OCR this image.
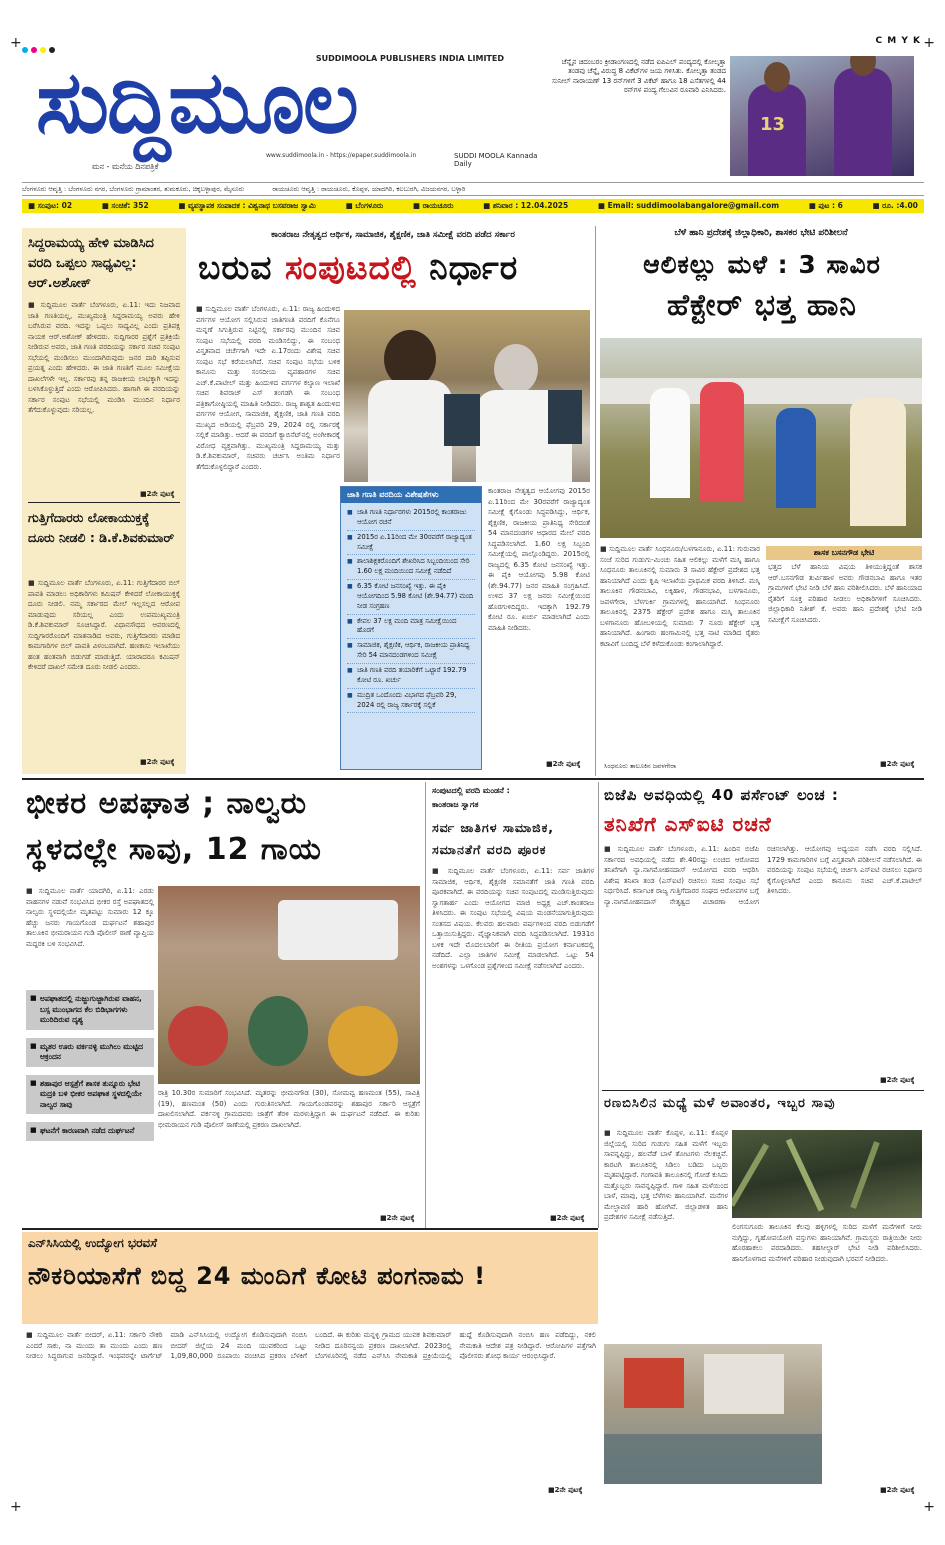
+	+
+	+
C M Y K
ಸುದ್ದಿಮೂಲ
SUDDIMOOLA PUBLISHERS INDIA LIMITED
www.suddimoola.in - https://epaper.suddimoola.in	SUDDI MOOLA Kannada Daily
ಮನ - ಮನೆಯ ದಿನಪತ್ರಿಕೆ
ಚೆನ್ನೈನ ಚಿದಂಬರಂ ಕ್ರೀಡಾಂಗಣದಲ್ಲಿ ನಡೆದ ಐಪಿಎಲ್ ಪಂದ್ಯದಲ್ಲಿ ಕೋಲ್ಕತ್ತಾ ತಂಡವು ಚೆನ್ನೈ ವಿರುದ್ಧ 8 ವಿಕೆಟ್‌ಗಳ ಜಯ ಗಳಿಸಿತು. ಕೋಲ್ಕತ್ತಾ ತಂಡದ ಸುನೀಲ್ ನಾರಾಯಣ್ 13 ರನ್‌ಗಳಿಗೆ 3 ವಿಕೆಟ್ ಹಾಗೂ 18 ಎಸೆತಗಳಲ್ಲಿ 44 ರನ್‌ಗಳ ಪಂದ್ಯ ಗೆಲುವಿನ ರೂವಾರಿ ಎನಿಸಿದರು.
13
ಬೆಂಗಳೂರು ಆವೃತ್ತಿ : ಬೆಂಗಳೂರು ನಗರ, ಬೆಂಗಳೂರು ಗ್ರಾಮಾಂತರ, ತುಮಕೂರು, ಚಿಕ್ಕಬಳ್ಳಾಪುರ, ಮೈಸೂರು	ರಾಯಚೂರು ಆವೃತ್ತಿ : ರಾಯಚೂರು, ಕೊಪ್ಪಳ, ಯಾದಗಿರಿ, ಕಲಬುರಗಿ, ವಿಜಯನಗರ, ಬಳ್ಳಾರಿ
■ ಸಂಪುಟ: 02	■ ಸಂಚಿಕೆ: 352	■ ವ್ಯವಸ್ಥಾಪಕ ಸಂಪಾದಕ : ವಿಶ್ವನಾಥ ಬಸವರಾಜ ಸ್ವಾಮಿ	■ ಬೆಂಗಳೂರು	■ ರಾಯಚೂರು	■ ಶನಿವಾರ : 12.04.2025	■ Email: suddimoolabangalore@gmail.com	■ ಪುಟ : 6	■ ರೂ. :4.00
ಸಿದ್ದರಾಮಯ್ಯ ಹೇಳಿ ಮಾಡಿಸಿದ ವರದಿ ಒಪ್ಪಲು ಸಾಧ್ಯವಿಲ್ಲ: ಆರ್.ಅಶೋಕ್
■ ಸುದ್ದಿಮೂಲ ವಾರ್ತೆ ಬೆಂಗಳೂರು, ಏ.11: ಇದು ನಿಜವಾದ ಜಾತಿ ಗಣತಿಯಲ್ಲ, ಮುಖ್ಯಮಂತ್ರಿ ಸಿದ್ದರಾಮಯ್ಯ ಅವರು ಹೇಳಿ ಬರೆಸಿರುವ ವರದಿ. ಇದನ್ನು ಒಪ್ಪಲು ಸಾಧ್ಯವಿಲ್ಲ ಎಂದು ಪ್ರತಿಪಕ್ಷ ನಾಯಕ ಆರ್.ಅಶೋಕ್ ಹೇಳಿದರು. ಸುದ್ದಿಗಾರರ ಪ್ರಶ್ನೆಗೆ ಪ್ರತಿಕ್ರಿಯೆ ನೀಡಿರುವ ಅವರು, ಜಾತಿ ಗಣತಿ ವರದಿಯನ್ನು ಸರ್ಕಾರ ಸಚಿವ ಸಂಪುಟ ಸಭೆಯಲ್ಲಿ ಮಂಡಿಸಲು ಮುಂದಾಗಿರುವುದು ಜನರ ದಾರಿ ತಪ್ಪಿಸುವ ಪ್ರಯತ್ನ ಎಂದು ಹೇಳಿದರು. ಈ ಜಾತಿ ಗಣತಿಗೆ ಮೂಲ ಸಮೀಕ್ಷೆಯ ದಾಖಲೆಗಳೇ ಇಲ್ಲ. ಸರ್ಕಾರವು ತನ್ನ ರಾಜಕೀಯ ಲಾಭಕ್ಕಾಗಿ ಇದನ್ನು ಬಳಸಿಕೊಳ್ಳುತ್ತಿದೆ ಎಂದು ಆರೋಪಿಸಿದರು. ಹಾಗಾಗಿ ಈ ವರದಿಯನ್ನು ಸರ್ಕಾರ ಸಂಪುಟ ಸಭೆಯಲ್ಲಿ ಮಂಡಿಸಿ ಮುಂದಿನ ನಿರ್ಧಾರ ತೆಗೆದುಕೊಳ್ಳುವುದು ಸರಿಯಲ್ಲ.
■2ನೇ ಪುಟಕ್ಕೆ
ಗುತ್ತಿಗೆದಾರರು ಲೋಕಾಯುಕ್ತಕ್ಕೆ ದೂರು ನೀಡಲಿ : ಡಿ.ಕೆ.ಶಿವಕುಮಾರ್
■ ಸುದ್ದಿಮೂಲ ವಾರ್ತೆ ಬೆಂಗಳೂರು, ಏ.11: ಗುತ್ತಿಗೆದಾರರ ಬಿಲ್ ಪಾವತಿ ಮಾಡಲು ಅಧಿಕಾರಿಗಳು ಕಮಿಷನ್ ಕೇಳಿದರೆ ಲೋಕಾಯುಕ್ತಕ್ಕೆ ದೂರು ನೀಡಲಿ. ನಮ್ಮ ಸರ್ಕಾರದ ಮೇಲೆ ಇಲ್ಲಸಲ್ಲದ ಆರೋಪ ಮಾಡುವುದು ಸರಿಯಲ್ಲ ಎಂದು ಉಪಮುಖ್ಯಮಂತ್ರಿ ಡಿ.ಕೆ.ಶಿವಕುಮಾರ್ ಸೂಚಿಸಿದ್ದಾರೆ. ವಿಧಾನಸೌಧದ ಆವರಣದಲ್ಲಿ ಸುದ್ದಿಗಾರರೊಂದಿಗೆ ಮಾತನಾಡಿದ ಅವರು, ಗುತ್ತಿಗೆದಾರರು ಮಾಡಿದ ಕಾಮಗಾರಿಗಳ ಬಿಲ್ ಪಾವತಿ ವಿಳಂಬವಾಗಿದೆ. ಹಣಕಾಸು ಇಲಾಖೆಯು ಹಂತ ಹಂತವಾಗಿ ಬಿಡುಗಡೆ ಮಾಡುತ್ತಿದೆ. ಯಾರಾದರೂ ಕಮಿಷನ್ ಕೇಳಿದರೆ ದಾಖಲೆ ಸಮೇತ ದೂರು ನೀಡಲಿ ಎಂದರು.
■2ನೇ ಪುಟಕ್ಕೆ
ಕಾಂತರಾಜ ನೇತೃತ್ವದ ಆರ್ಥಿಕ, ಸಾಮಾಜಿಕ, ಶೈಕ್ಷಣಿಕ, ಜಾತಿ ಸಮೀಕ್ಷೆ ವರದಿ ಪಡೆದ ಸರ್ಕಾರ
ಬರುವ ಸಂಪುಟದಲ್ಲಿ ನಿರ್ಧಾರ
■ ಸುದ್ದಿಮೂಲ ವಾರ್ತೆ ಬೆಂಗಳೂರು, ಏ.11: ರಾಜ್ಯ ಹಿಂದುಳಿದ ವರ್ಗಗಳ ಆಯೋಗ ಸಲ್ಲಿಸಿರುವ ಜಾತಿಗಣತಿ ವರದಿಗೆ ಕೊನೆಗೂ ಮನ್ನಣೆ ಸಿಗುತ್ತಿರುವ ನಿಟ್ಟಿನಲ್ಲಿ ಸರ್ಕಾರವು ಮುಂದಿನ ಸಚಿವ ಸಂಪುಟ ಸಭೆಯಲ್ಲಿ ವರದಿ ಮಂಡಿಸಲಿದ್ದು, ಈ ಸಂಬಂಧ ವಿಸ್ತೃತವಾದ ಚರ್ಚೆಗಾಗಿ ಇದೇ ಏ.17ರಂದು ವಿಶೇಷ ಸಚಿವ ಸಂಪುಟ ಸಭೆ ಕರೆಯಲಾಗಿದೆ. ಸಚಿವ ಸಂಪುಟ ಸಭೆಯ ಬಳಿಕ ಕಾನೂನು ಮತ್ತು ಸಂಸದೀಯ ವ್ಯವಹಾರಗಳ ಸಚಿವ ಎಚ್.ಕೆ.ಪಾಟೀಲ್ ಮತ್ತು ಹಿಂದುಳಿದ ವರ್ಗಗಳ ಕಲ್ಯಾಣ ಇಲಾಖೆ ಸಚಿವ ಶಿವರಾಜ್ ಎಸ್ ತಂಗಡಗಿ ಈ ಸಂಬಂಧ ಪತ್ರಿಕಾಗೋಷ್ಠಿಯಲ್ಲಿ ಮಾಹಿತಿ ನೀಡಿದರು. ರಾಜ್ಯ ಶಾಶ್ವತ ಹಿಂದುಳಿದ ವರ್ಗಗಳ ಆಯೋಗ, ಸಾಮಾಜಿಕ, ಶೈಕ್ಷಣಿಕ, ಜಾತಿ ಗಣತಿ ವರದಿ ಮುಖ್ಯದ ಅಡಿಯಲ್ಲಿ ಫೆಬ್ರವರಿ 29, 2024 ರಲ್ಲಿ ಸರ್ಕಾರಕ್ಕೆ ಸಲ್ಲಿಕೆ ಮಾಡಿತ್ತು. ಆದರೆ ಈ ವರದಿಗೆ ಕ್ಯಾಬಿನೆಟ್‌ನಲ್ಲಿ ಅಂಗೀಕಾರಕ್ಕೆ ವಿರೋಧ ವ್ಯಕ್ತವಾಗಿತ್ತು. ಮುಖ್ಯಮಂತ್ರಿ ಸಿದ್ದರಾಮಯ್ಯ ಮತ್ತು ಡಿ.ಕೆ.ಶಿವಕುಮಾರ್, ಸಚಿವರು ಚರ್ಚಿಸಿ ಅಂತಿಮ ನಿರ್ಧಾರ ತೆಗೆದುಕೊಳ್ಳಲಿದ್ದಾರೆ ಎಂದರು.
ಜಾತಿ ಗಣತಿ ವರದಿಯ ವಿಶೇಷತೆಗಳು
■ ಜಾತಿ ಗಣತಿ ನಿರ್ಧಾರಗಳು 2015ರಲ್ಲಿ ಕಾಂತರಾಜು ಆಯೋಗ ರಚನೆ
■ 2015ರ ಏ.11ರಿಂದ ಮೇ 30ರವರೆಗೆ ರಾಜ್ಯಾದ್ಯಂತ ಸಮೀಕ್ಷೆ
■ ಶಾಲಾಶಿಕ್ಷಕರೊಂದಿಗೆ ಶೇಖರಿಸಿದ ಸಿಬ್ಬಂದಿಯಿಂದ ಸೇರಿ 1.60 ಲಕ್ಷ ಮಂದಿಯಿಂದ ಸಮೀಕ್ಷೆ ನಡೆದಿದೆ
■ 6.35 ಕೋಟಿ ಜನಸಂಖ್ಯೆ ಇತ್ತು. ಈ ಪೈಕಿ ಆಯೋಗದಿಂದ 5.98 ಕೋಟಿ (ಶೇ.94.77) ಮಂದಿ ನೀಡ ಸಂಗ್ರಹಣ
■ ಕೇವಲ 37 ಲಕ್ಷ ಮಂದಿ ಮಾತ್ರ ಸಮೀಕ್ಷೆಯಿಂದ ಹೊರಗೆ
■ ಸಾಮಾಜಿಕ, ಶೈಕ್ಷಣಿಕ, ಆರ್ಥಿಕ, ರಾಜಕೀಯ ಪ್ರಾತಿನಿಧ್ಯ ಸೇರಿ 54 ಮಾನದಂಡಗಳಿಂದ ಸಮೀಕ್ಷೆ
■ ಜಾತಿ ಗಣತಿ ವರದಿ ತಯಾರಿಕೆಗೆ ಒಟ್ಟಾರೆ 192.79 ಕೋಟಿ ರೂ. ಖರ್ಚು
■ ಮುದ್ರಿತ ಒಂದೊಂದು ವಿಭಾಗದ ಫೆಬ್ರವರಿ 29, 2024 ರಲ್ಲಿ ರಾಜ್ಯ ಸರ್ಕಾರಕ್ಕೆ ಸಲ್ಲಿಕೆ
ಕಾಂತರಾಜ ನೇತೃತ್ವದ ಆಯೋಗವು 2015ರ ಏ.11ರಿಂದ ಮೇ 30ರವರೆಗೆ ರಾಜ್ಯಾದ್ಯಂತ ಸಮೀಕ್ಷೆ ಕೈಗೊಂಡು ಸಿದ್ಧಪಡಿಸಿದ್ದು, ಆರ್ಥಿಕ, ಶೈಕ್ಷಣಿಕ, ರಾಜಕೀಯ ಪ್ರಾತಿನಿಧ್ಯ ಸೇರಿದಂತೆ 54 ಮಾನದಂಡಗಳ ಆಧಾರದ ಮೇಲೆ ವರದಿ ಸಿದ್ಧಪಡಿಸಲಾಗಿದೆ. 1.60 ಲಕ್ಷ ಸಿಬ್ಬಂದಿ ಸಮೀಕ್ಷೆಯಲ್ಲಿ ಪಾಲ್ಗೊಂಡಿದ್ದರು. 2015ರಲ್ಲಿ ರಾಜ್ಯದಲ್ಲಿ 6.35 ಕೋಟಿ ಜನಸಂಖ್ಯೆ ಇತ್ತು. ಈ ಪೈಕಿ ಆಯೋಗವು 5.98 ಕೋಟಿ (ಶೇ.94.77) ಜನರ ಮಾಹಿತಿ ಸಂಗ್ರಹಿಸಿದೆ. ಉಳಿದ 37 ಲಕ್ಷ ಜನರು ಸಮೀಕ್ಷೆಯಿಂದ ಹೊರಗುಳಿದಿದ್ದರು. ಇದಕ್ಕಾಗಿ 192.79 ಕೋಟಿ ರೂ. ಖರ್ಚು ಮಾಡಲಾಗಿದೆ ಎಂದು ಮಾಹಿತಿ ನೀಡಿದರು.
■2ನೇ ಪುಟಕ್ಕೆ
ಬೆಳೆ ಹಾನಿ ಪ್ರದೇಶಕ್ಕೆ ಜಿಲ್ಲಾಧಿಕಾರಿ, ಶಾಸಕರ ಭೇಟಿ ಪರಿಶೀಲನೆ
ಆಲಿಕಲ್ಲು ಮಳೆ : 3 ಸಾವಿರ
ಹೆಕ್ಟೇರ್ ಭತ್ತ ಹಾನಿ
■ ಸುದ್ದಿಮೂಲ ವಾರ್ತೆ ಸಿಂಧನೂರು/ಬಳಗಾನೂರು, ಏ.11: ಗುರುವಾರ ಸಂಜೆ ಸುರಿದ ಗುಡುಗು-ಮಿಂಚು ಸಹಿತ ಆಲಿಕಲ್ಲು ಮಳೆಗೆ ಮಸ್ಕಿ ಹಾಗೂ ಸಿಂಧನೂರು ತಾಲೂಕಿನಲ್ಲಿ ಸುಮಾರು 3 ಸಾವಿರ ಹೆಕ್ಟೇರ್ ಪ್ರದೇಶದ ಭತ್ತ ಹಾನಿಯಾಗಿದೆ ಎಂದು ಕೃಷಿ ಇಲಾಖೆಯ ಪ್ರಾಥಮಿಕ ವರದಿ ತಿಳಿಸಿದೆ. ಮಸ್ಕಿ ತಾಲೂಕಿನ ಗೌಡನಬಾವಿ, ಲಕ್ಕಿಹಾಳ, ಗೌಡನಭಾವಿ, ಬಳಗಾನೂರು, ಜವಳಗೇರಾ, ಬೆಳಗುರ್ಕಿ ಗ್ರಾಮಗಳಲ್ಲಿ ಹಾನಿಯಾಗಿದೆ. ಸಿಂಧನೂರು ತಾಲೂಕಿನಲ್ಲಿ 2375 ಹೆಕ್ಟೇರ್ ಪ್ರದೇಶ ಹಾಗೂ ಮಸ್ಕಿ ತಾಲೂಕಿನ ಬಳಗಾನೂರು ಹೋಬಳಿಯಲ್ಲಿ ಸುಮಾರು 7 ನೂರು ಹೆಕ್ಟೇರ್ ಭತ್ತ ಹಾನಿಯಾಗಿದೆ. ಹಿಂಗಾರು ಹಂಗಾಮಿನಲ್ಲಿ ಭತ್ತ ನಾಟಿ ಮಾಡಿದ ರೈತರು ಕಟಾವಿಗೆ ಬಂದಿದ್ದ ಬೆಳೆ ಕಳೆದುಕೊಂಡು ಕಂಗಾಲಾಗಿದ್ದಾರೆ.
ಸಿಂಧನೂರು ತಾಲೂಕಿನ ಜವಳಗೇರಾ
ಶಾಸಕ ಬಸನಗೌಡ ಭೇಟಿ
ಭತ್ತದ ಬೆಳೆ ಹಾನಿಯ ವಿಷಯ ತಿಳಿಯುತ್ತಿದ್ದಂತೆ ಶಾಸಕ ಆರ್.ಬಸನಗೌಡ ತುರ್ವಿಹಾಳ ಅವರು ಗೌಡನಬಾವಿ ಹಾಗೂ ಇತರ ಗ್ರಾಮಗಳಿಗೆ ಭೇಟಿ ನೀಡಿ ಬೆಳೆ ಹಾನಿ ಪರಿಶೀಲಿಸಿದರು. ಬೆಳೆ ಹಾನಿಯಾದ ರೈತರಿಗೆ ಸೂಕ್ತ ಪರಿಹಾರ ನೀಡಲು ಅಧಿಕಾರಿಗಳಿಗೆ ಸೂಚಿಸಿದರು. ಜಿಲ್ಲಾಧಿಕಾರಿ ನಿತೀಶ್ ಕೆ. ಅವರು ಹಾನಿ ಪ್ರದೇಶಕ್ಕೆ ಭೇಟಿ ನೀಡಿ ಸಮೀಕ್ಷೆಗೆ ಸೂಚಿಸಿದರು.
■2ನೇ ಪುಟಕ್ಕೆ
ಭೀಕರ ಅಪಘಾತ ; ನಾಲ್ವರು
ಸ್ಥಳದಲ್ಲೇ ಸಾವು, 12 ಗಾಯ
■ ಸುದ್ದಿಮೂಲ ವಾರ್ತೆ ಯಾದಗಿರಿ, ಏ.11: ಎರಡು ವಾಹನಗಳ ನಡುವೆ ಸಂಭವಿಸಿದ ಭೀಕರ ರಸ್ತೆ ಅಪಘಾತದಲ್ಲಿ ನಾಲ್ವರು ಸ್ಥಳದಲ್ಲಿಯೇ ಮೃತಪಟ್ಟು ಸುಮಾರು 12 ಕ್ಕೂ ಹೆಚ್ಚು ಜನರು ಗಾಯಗೊಂಡ ದುರ್ಘಟನೆ ಶಹಾಪುರ ತಾಲೂಕಿನ ಭೀಮರಾಯನ ಗುಡಿ ಪೊಲೀಸ್ ಠಾಣೆ ವ್ಯಾಪ್ತಿಯ ಮದ್ದರಕಿ ಬಳಿ ಸಂಭವಿಸಿದೆ.
■ ಅಪಘಾತದಲ್ಲಿ ನುಜ್ಜುಗುಜ್ಜಾಗಿರುವ ವಾಹನ, ಬಸ್ಸ ಮುಂಭಾಗದ ಕೆಲ ಬಿಡಿಭಾಗಗಳು ಮುರಿದಿರುವ ದೃಶ್ಯ
■ ಮೃತರ ಊರು ವರ್ಕನಳ್ಳಿ ಮುಗಿಲು ಮುಟ್ಟಿದ ಆಕ್ರಂದನ
■ ಶಹಾಪುರ ಆಸ್ಪತ್ರೆಗೆ ಶಾಸಕ ತುನ್ನೂರು ಭೇಟಿ ಮದ್ರಕಿ ಬಳಿ ಭೀಕರ ಅಪಘಾತ ಸ್ಥಳದಲ್ಲಿಯೇ ನಾಲ್ವರ ಸಾವು
■ ಘಟನೆಗೆ ಕಾರಣವಾಗಿ ನಡೆದ ದುರ್ಘಟನೆ
ರಾತ್ರಿ 10.30ರ ಸುಮಾರಿಗೆ ಸಂಭವಿಸಿದೆ. ಮೃತರನ್ನು ಭೀಮನಗೌಡ (30), ಸೋಮವ್ವ ಹಣಮಂತ (55), ಸಾವಿತ್ರಿ (19), ಹಣಮಂತ (50) ಎಂದು ಗುರುತಿಸಲಾಗಿದೆ. ಗಾಯಗೊಂಡವರನ್ನು ಶಹಾಪುರ ಸರ್ಕಾರಿ ಆಸ್ಪತ್ರೆಗೆ ದಾಖಲಿಸಲಾಗಿದೆ. ವರ್ಕನಳ್ಳಿ ಗ್ರಾಮದವರು ಜಾತ್ರೆಗೆ ತೆರಳಿ ಮರಳುತ್ತಿದ್ದಾಗ ಈ ದುರ್ಘಟನೆ ನಡೆದಿದೆ. ಈ ಕುರಿತು ಭೀಮರಾಯನ ಗುಡಿ ಪೊಲೀಸ್ ಠಾಣೆಯಲ್ಲಿ ಪ್ರಕರಣ ದಾಖಲಾಗಿದೆ.
■2ನೇ ಪುಟಕ್ಕೆ
ಸಂಪುಟದಲ್ಲಿ ವರದಿ ಮಂಡನೆ :
ಕಾಂತರಾಜ ಸ್ವಾಗತ
ಸರ್ವ ಜಾತಿಗಳ ಸಾಮಾಜಿಕ,
ಸಮಾನತೆಗೆ ವರದಿ ಪೂರಕ
■ ಸುದ್ದಿಮೂಲ ವಾರ್ತೆ ಬೆಂಗಳೂರು, ಏ.11: ಸರ್ವ ಜಾತಿಗಳ ಸಾಮಾಜಿಕ, ಆರ್ಥಿಕ, ಶೈಕ್ಷಣಿಕ ಸಮಾನತೆಗೆ ಜಾತಿ ಗಣತಿ ವರದಿ ಪೂರಕವಾಗಿದೆ. ಈ ವರದಿಯನ್ನು ಸಚಿವ ಸಂಪುಟದಲ್ಲಿ ಮಂಡಿಸುತ್ತಿರುವುದು ಸ್ವಾಗತಾರ್ಹ ಎಂದು ಆಯೋಗದ ಮಾಜಿ ಅಧ್ಯಕ್ಷ ಎಚ್.ಕಾಂತರಾಜ ತಿಳಿಸಿದರು. ಈ ಸಂಪುಟ ಸಭೆಯಲ್ಲಿ ವಿಷಯ ಮಂಡನೆಯಾಗುತ್ತಿರುವುದು ಸಂತಸದ ವಿಷಯ. ಕೆಲವರು ಹಲವಾರು ವರ್ಷಗಳಿಂದ ವರದಿ ಬಿಡುಗಡೆಗೆ ಒತ್ತಾಯಿಸುತ್ತಿದ್ದರು. ವೈಜ್ಞಾನಿಕವಾಗಿ ವರದಿ ಸಿದ್ಧಪಡಿಸಲಾಗಿದೆ. 1931ರ ಬಳಿಕ ಇದೇ ಮೊದಲಬಾರಿಗೆ ಈ ರೀತಿಯ ಪ್ರಯೋಗ ಕರ್ನಾಟಕದಲ್ಲಿ ನಡೆದಿದೆ. ಎಲ್ಲಾ ಜಾತಿಗಳ ಸಮೀಕ್ಷೆ ಮಾಡಲಾಗಿದೆ. ಒಟ್ಟು 54 ಅಂಶಗಳನ್ನು ಒಳಗೊಂಡ ಪ್ರಶ್ನೆಗಳಿಂದ ಸಮೀಕ್ಷೆ ನಡೆಸಲಾಗಿದೆ ಎಂದರು.
■2ನೇ ಪುಟಕ್ಕೆ
ಬಿಜೆಪಿ ಅವಧಿಯಲ್ಲಿ 40 ಪರ್ಸೆಂಟ್ ಲಂಚ :
ತನಿಖೆಗೆ ಎಸ್ಐಟಿ ರಚನೆ
■ ಸುದ್ದಿಮೂಲ ವಾರ್ತೆ ಬೆಂಗಳೂರು, ಏ.11: ಹಿಂದಿನ ಬಿಜೆಪಿ ಸರ್ಕಾರದ ಅವಧಿಯಲ್ಲಿ ನಡೆದ ಶೇ.40ರಷ್ಟು ಲಂಚದ ಆರೋಪದ ತನಿಖೆಗಾಗಿ ನ್ಯಾ.ನಾಗಮೋಹನದಾಸ್ ಆಯೋಗದ ವರದಿ ಆಧರಿಸಿ ವಿಶೇಷ ತನಿಖಾ ತಂಡ (ಎಸ್‌ಐಟಿ) ರಚಿಸಲು ಸಚಿವ ಸಂಪುಟ ಸಭೆ ನಿರ್ಧರಿಸಿದೆ. ಕರ್ನಾಟಕ ರಾಜ್ಯ ಗುತ್ತಿಗೆದಾರರ ಸಂಘದ ಆರೋಪಗಳ ಬಗ್ಗೆ ನ್ಯಾ.ನಾಗಮೋಹನದಾಸ್ ನೇತೃತ್ವದ ವಿಚಾರಣಾ ಆಯೋಗ ರಚಿಸಲಾಗಿತ್ತು. ಆಯೋಗವು ಅಧ್ಯಯನ ನಡೆಸಿ ವರದಿ ಸಲ್ಲಿಸಿದೆ. 1729 ಕಾಮಗಾರಿಗಳ ಬಗ್ಗೆ ವಿಸ್ತೃತವಾಗಿ ಪರಿಶೀಲನೆ ನಡೆಸಲಾಗಿದೆ. ಈ ವರದಿಯನ್ನು ಸಂಪುಟ ಸಭೆಯಲ್ಲಿ ಚರ್ಚಿಸಿ ಎಸ್ಐಟಿ ರಚಿಸಲು ನಿರ್ಧಾರ ಕೈಗೊಳ್ಳಲಾಗಿದೆ ಎಂದು ಕಾನೂನು ಸಚಿವ ಎಚ್.ಕೆ.ಪಾಟೀಲ್ ತಿಳಿಸಿದರು.
■2ನೇ ಪುಟಕ್ಕೆ
ರಣಬಿಸಿಲಿನ ಮಧ್ಯೆ ಮಳೆ ಅವಾಂತರ, ಇಬ್ಬರ ಸಾವು
■ ಸುದ್ದಿಮೂಲ ವಾರ್ತೆ ಕೊಪ್ಪಳ, ಏ.11: ಕೊಪ್ಪಳ ಜಿಲ್ಲೆಯಲ್ಲಿ ಸುರಿದ ಗುಡುಗು ಸಹಿತ ಮಳೆಗೆ ಇಬ್ಬರು ಸಾವನ್ನಪ್ಪಿದ್ದು, ಹಲವೆಡೆ ಬಾಳೆ ತೋಟಗಳು ನೆಲಕಚ್ಚಿವೆ. ಕಾರಟಗಿ ತಾಲೂಕಿನಲ್ಲಿ ಸಿಡಿಲು ಬಡಿದು ಒಬ್ಬರು ಮೃತಪಟ್ಟಿದ್ದಾರೆ. ಗಂಗಾವತಿ ತಾಲೂಕಿನಲ್ಲಿ ಗೋಡೆ ಕುಸಿದು ಮತ್ತೊಬ್ಬರು ಸಾವನ್ನಪ್ಪಿದ್ದಾರೆ. ಗಾಳಿ ಸಹಿತ ಮಳೆಯಿಂದ ಬಾಳೆ, ಮಾವು, ಭತ್ತ ಬೆಳೆಗಳು ಹಾನಿಯಾಗಿವೆ. ಮನೆಗಳ ಮೇಲ್ಛಾವಣಿ ಹಾರಿ ಹೋಗಿವೆ. ಜಿಲ್ಲಾಡಳಿತ ಹಾನಿ ಪ್ರದೇಶಗಳ ಸಮೀಕ್ಷೆ ನಡೆಸುತ್ತಿದೆ.
ಲಿಂಗಸುಗೂರು ತಾಲೂಕಿನ ಕೆಲವು ಹಳ್ಳಿಗಳಲ್ಲಿ ಸುರಿದ ಮಳೆಗೆ ಮನೆಗಳಿಗೆ ನೀರು ನುಗ್ಗಿದ್ದು, ಗೃಹೋಪಯೋಗಿ ವಸ್ತುಗಳು ಹಾನಿಯಾಗಿವೆ. ಗ್ರಾಮಸ್ಥರು ರಾತ್ರಿಯಿಡೀ ನೀರು ಹೊರಹಾಕಲು ಪರದಾಡಿದರು. ತಹಸೀಲ್ದಾರ್ ಭೇಟಿ ನೀಡಿ ಪರಿಶೀಲಿಸಿದರು. ಹಾನಿಗೊಳಗಾದ ಮನೆಗಳಿಗೆ ಪರಿಹಾರ ನೀಡುವುದಾಗಿ ಭರವಸೆ ನೀಡಿದರು.
■2ನೇ ಪುಟಕ್ಕೆ
ಎನ್‌ಸಿಸಿಯಲ್ಲಿ ಉದ್ಯೋಗ ಭರವಸೆ
ನೌಕರಿಯಾಸೆಗೆ ಬಿದ್ದ 24 ಮಂದಿಗೆ ಕೋಟಿ ಪಂಗನಾಮ !
■ ಸುದ್ದಿಮೂಲ ವಾರ್ತೆ ಬೀದರ್, ಏ.11: ಸರ್ಕಾರಿ ನೌಕರಿ ಎಂದರೆ ಸಾಕು, ನಾ ಮುಂದು ತಾ ಮುಂದು ಎಂದು ಹಣ ನೀಡಲು ಸಿದ್ಧರಾಗುವ ಜನರಿದ್ದಾರೆ. ಇಂಥವರನ್ನೇ ಟಾರ್ಗೆಟ್ ಮಾಡಿ ಎನ್‌ಸಿಸಿಯಲ್ಲಿ ಉದ್ಯೋಗ ಕೊಡಿಸುವುದಾಗಿ ನಂಬಿಸಿ ಬೀದರ್ ಜಿಲ್ಲೆಯ 24 ಮಂದಿ ಯುವಕರಿಂದ ಒಟ್ಟು 1,09,80,000 ರೂಪಾಯಿ ವಂಚಿಸಿದ ಪ್ರಕರಣ ಬೆಳಕಿಗೆ ಬಂದಿದೆ. ಈ ಕುರಿತು ಮನ್ನಳ್ಳಿ ಗ್ರಾಮದ ಯುವಕ ಶಿವಕುಮಾರ್ ನೀಡಿದ ದೂರಿನನ್ವಯ ಪ್ರಕರಣ ದಾಖಲಾಗಿದೆ. 2023ರಲ್ಲಿ ಬೆಂಗಳೂರಿನಲ್ಲಿ ನಡೆದ ಎನ್‌ಸಿಸಿ ನೇಮಕಾತಿ ಪ್ರಕ್ರಿಯೆಯಲ್ಲಿ ಹುದ್ದೆ ಕೊಡಿಸುವುದಾಗಿ ನಂಬಿಸಿ ಹಣ ಪಡೆದಿದ್ದು, ನಕಲಿ ನೇಮಕಾತಿ ಆದೇಶ ಪತ್ರ ನೀಡಿದ್ದಾರೆ. ಆರೋಪಿಗಳ ಪತ್ತೆಗಾಗಿ ಪೊಲೀಸರು ಶೋಧ ಕಾರ್ಯ ಆರಂಭಿಸಿದ್ದಾರೆ.
■2ನೇ ಪುಟಕ್ಕೆ
